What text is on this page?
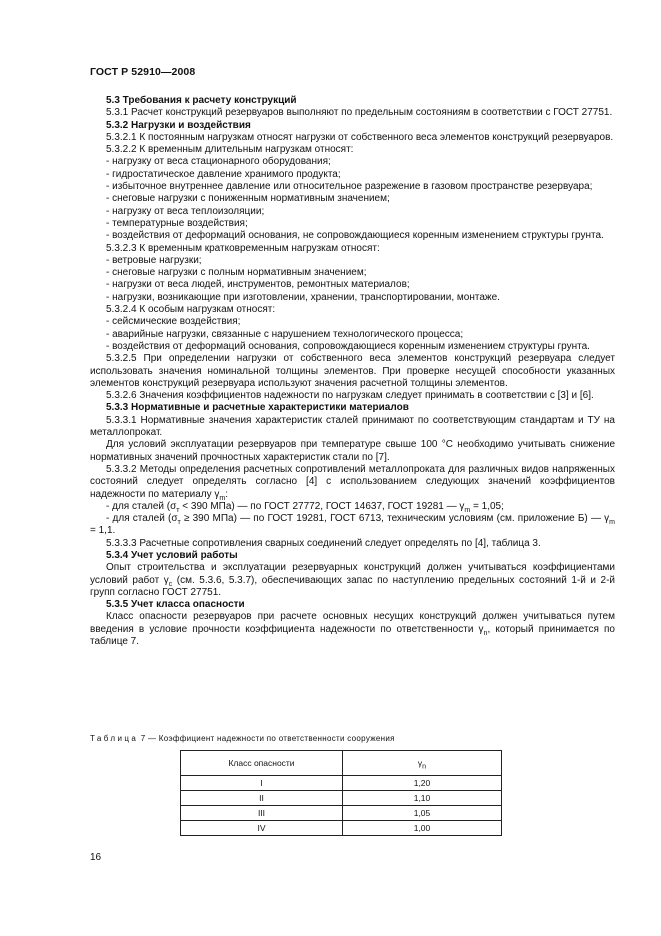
ГОСТ Р 52910—2008

5.3 Требования к расчету конструкций

5.3.1 Расчет конструкций резервуаров выполняют по предельным состояниям в соответствии с ГОСТ 27751.

5.3.2 Нагрузки и воздействия

5.3.2.1 К постоянным нагрузкам относят нагрузки от собственного веса элементов конструкций резервуаров.

5.3.2.2 К временным длительным нагрузкам относят:

- нагрузку от веса стационарного оборудования;

- гидростатическое давление хранимого продукта;

- избыточное внутреннее давление или относительное разрежение в газовом пространстве резервуара;

- снеговые нагрузки с пониженным нормативным значением;

- нагрузку от веса теплоизоляции;

- температурные воздействия;

- воздействия от деформаций основания, не сопровождающиеся коренным изменением структуры грунта.

5.3.2.3 К временным кратковременным нагрузкам относят:

- ветровые нагрузки;

- снеговые нагрузки с полным нормативным значением;

- нагрузки от веса людей, инструментов, ремонтных материалов;

- нагрузки, возникающие при изготовлении, хранении, транспортировании, монтаже.

5.3.2.4 К особым нагрузкам относят:

- сейсмические воздействия;

- аварийные нагрузки, связанные с нарушением технологического процесса;

- воздействия от деформаций основания, сопровождающиеся коренным изменением структуры грунта.

5.3.2.5 При определении нагрузки от собственного веса элементов конструкций резервуара следует использовать значения номинальной толщины элементов. При проверке несущей способности указанных элементов конструкций резервуара используют значения расчетной толщины элементов.

5.3.2.6 Значения коэффициентов надежности по нагрузкам следует принимать в соответствии с [3] и [6].

5.3.3 Нормативные и расчетные характеристики материалов

5.3.3.1 Нормативные значения характеристик сталей принимают по соответствующим стандартам и ТУ на металлопрокат.

Для условий эксплуатации резервуаров при температуре свыше 100 °С необходимо учитывать снижение нормативных значений прочностных характеристик стали по [7].

5.3.3.2 Методы определения расчетных сопротивлений металлопроката для различных видов напряженных состояний следует определять согласно [4] с использованием следующих значений коэффициентов надежности по материалу $\gamma_m$:

- для сталей ($\sigma_т < 390$ МПа) — по ГОСТ 27772, ГОСТ 14637, ГОСТ 19281 — $\gamma_m = 1,05$;

- для сталей ($\sigma_т \ge 390$ МПа) — по ГОСТ 19281, ГОСТ 6713, техническим условиям (см. приложение Б) — $\gamma_m = 1,1$.

5.3.3.3 Расчетные сопротивления сварных соединений следует определять по [4], таблица 3.

5.3.4 Учет условий работы

Опыт строительства и эксплуатации резервуарных конструкций должен учитываться коэффициентами условий работ $\gamma_c$ (см. 5.3.6, 5.3.7), обеспечивающих запас по наступлению предельных состояний 1-й и 2-й групп согласно ГОСТ 27751.

5.3.5 Учет класса опасности

Класс опасности резервуаров при расчете основных несущих конструкций должен учитываться путем введения в условие прочности коэффициента надежности по ответственности $\gamma_n$, который принимается по таблице 7.

Таблица 7 — Коэффициент надежности по ответственности сооружения
Класс опасности	$\gamma_n$
I	1,20
II	1,10
III	1,05
IV	1,00
16
